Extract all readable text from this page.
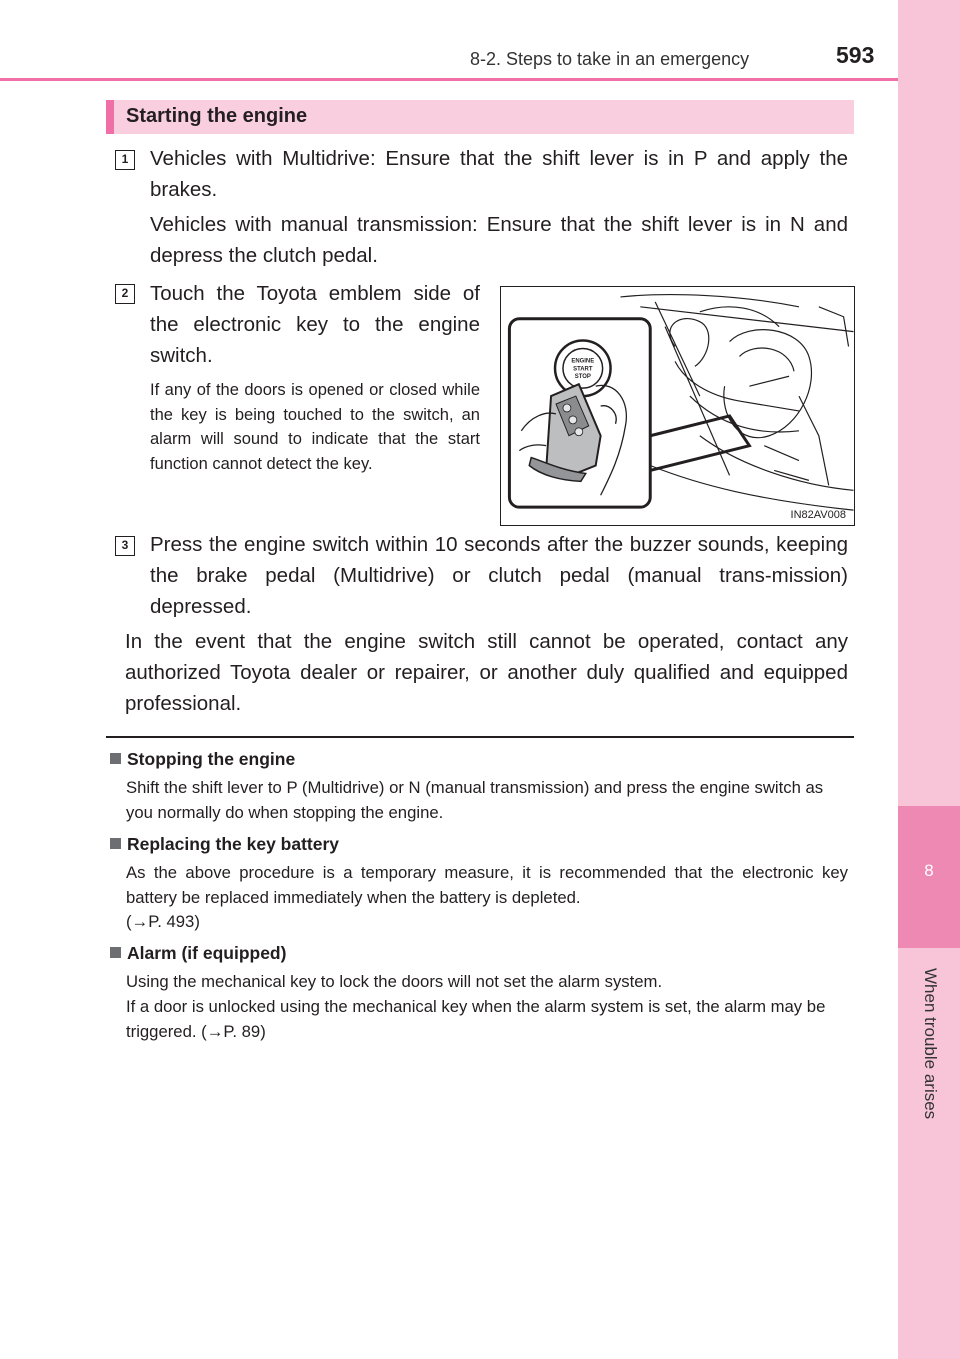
8-2. Steps to take in an emergency	593
8
When trouble arises
Starting the engine
1	Vehicles with Multidrive: Ensure that the shift lever is in P and apply the brakes.
Vehicles with manual transmission: Ensure that the shift lever is in N and depress the clutch pedal.
2	Touch the Toyota emblem side of the electronic key to the engine switch.
If any of the doors is opened or closed while the key is being touched to the switch, an alarm will sound to indicate that the start function cannot detect the key.
ENGINE
START
STOP
IN82AV008
3	Press the engine switch within 10 seconds after the buzzer sounds, keeping the brake pedal (Multidrive) or clutch pedal (manual trans-mission) depressed.
In the event that the engine switch still cannot be operated, contact any authorized Toyota dealer or repairer, or another duly qualified and equipped professional.
Stopping the engine
Shift the shift lever to P (Multidrive) or N (manual transmission) and press the engine switch as you normally do when stopping the engine.
Replacing the key battery
As the above procedure is a temporary measure, it is recommended that the electronic key battery be replaced immediately when the battery is depleted.
(→P. 493)
Alarm (if equipped)
Using the mechanical key to lock the doors will not set the alarm system.
If a door is unlocked using the mechanical key when the alarm system is set, the alarm may be triggered. (→P. 89)
